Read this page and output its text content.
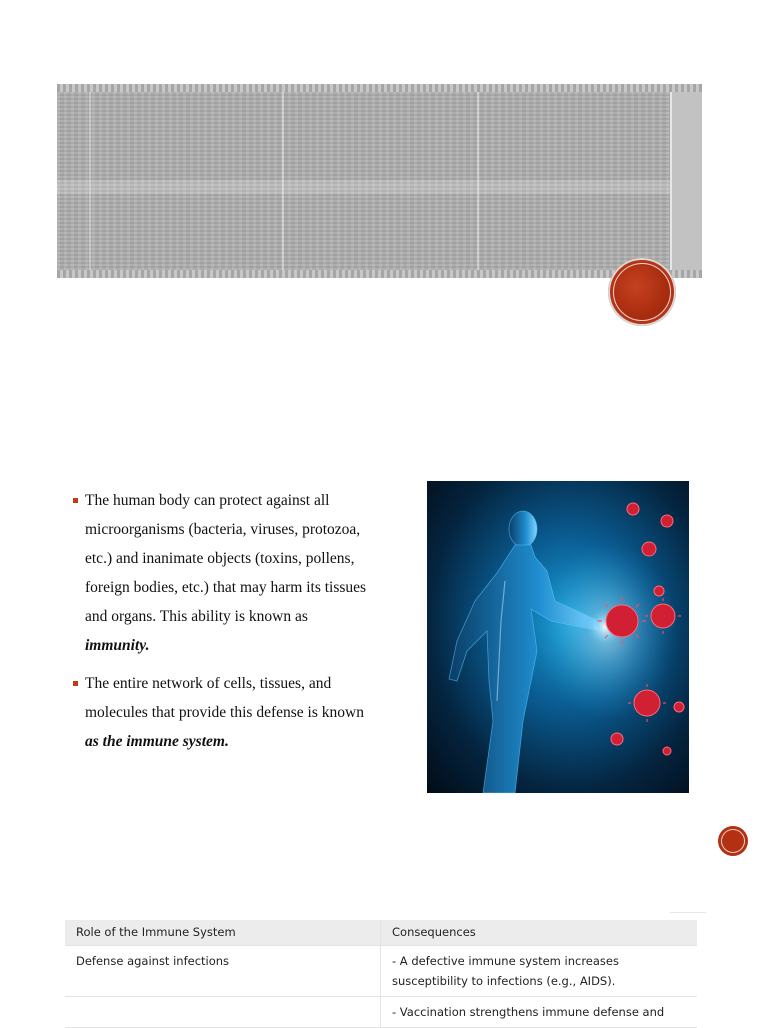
The human body can protect against all microorganisms (bacteria, viruses, protozoa, etc.) and inanimate objects (toxins, pollens, foreign bodies, etc.) that may harm its tissues and organs. This ability is known as immunity.
The entire network of cells, tissues, and molecules that provide this defense is known as the immune system.
Role of the Immune System	Consequences
Defense against infections	- A defective immune system increases susceptibility to infections (e.g., AIDS).
	- Vaccination strengthens immune defense and
